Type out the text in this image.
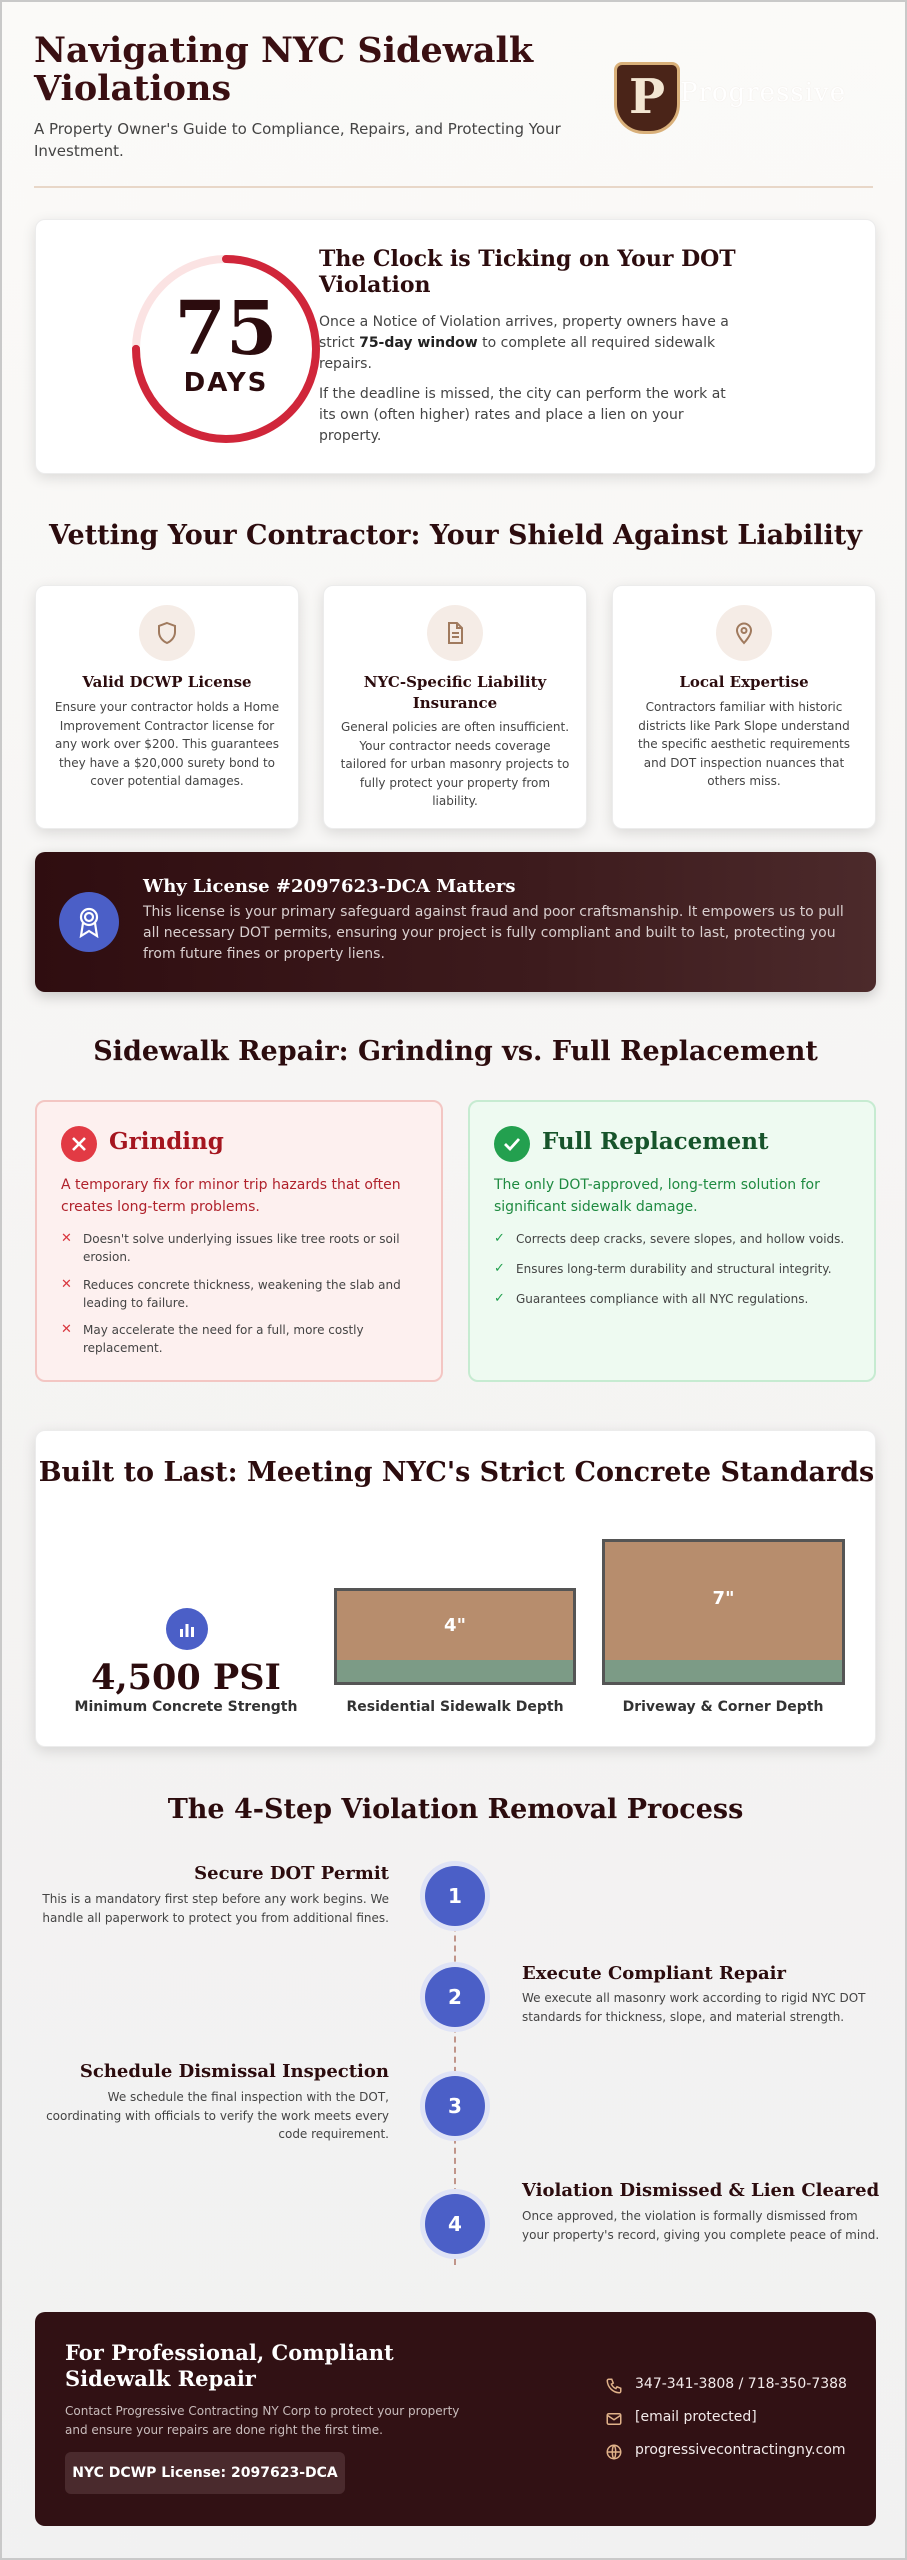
Navigating NYC Sidewalk Violations
A Property Owner's Guide to Compliance, Repairs, and Protecting Your Investment.
P Progressive
75
DAYS
The Clock is Ticking on Your DOT Violation
Once a Notice of Violation arrives, property owners have a strict 75-day window to complete all required sidewalk repairs.
If the deadline is missed, the city can perform the work at its own (often higher) rates and place a lien on your property.
Vetting Your Contractor: Your Shield Against Liability
Valid DCWP License
Ensure your contractor holds a Home Improvement Contractor license for any work over $200. This guarantees they have a $20,000 surety bond to cover potential damages.
NYC-Specific Liability Insurance
General policies are often insufficient. Your contractor needs coverage tailored for urban masonry projects to fully protect your property from liability.
Local Expertise
Contractors familiar with historic districts like Park Slope understand the specific aesthetic requirements and DOT inspection nuances that others miss.
Why License #2097623-DCA Matters
This license is your primary safeguard against fraud and poor craftsmanship. It empowers us to pull all necessary DOT permits, ensuring your project is fully compliant and built to last, protecting you from future fines or property liens.
Sidewalk Repair: Grinding vs. Full Replacement
Grinding
A temporary fix for minor trip hazards that often creates long-term problems.
✕ Doesn't solve underlying issues like tree roots or soil erosion.
✕ Reduces concrete thickness, weakening the slab and leading to failure.
✕ May accelerate the need for a full, more costly replacement.
Full Replacement
The only DOT-approved, long-term solution for significant sidewalk damage.
✓ Corrects deep cracks, severe slopes, and hollow voids.
✓ Ensures long-term durability and structural integrity.
✓ Guarantees compliance with all NYC regulations.
Built to Last: Meeting NYC's Strict Concrete Standards
4,500 PSI
Minimum Concrete Strength
4"
Residential Sidewalk Depth
7"
Driveway & Corner Depth
The 4-Step Violation Removal Process
1
Secure DOT Permit
This is a mandatory first step before any work begins. We handle all paperwork to protect you from additional fines.
2
Execute Compliant Repair
We execute all masonry work according to rigid NYC DOT standards for thickness, slope, and material strength.
3
Schedule Dismissal Inspection
We schedule the final inspection with the DOT, coordinating with officials to verify the work meets every code requirement.
4
Violation Dismissed & Lien Cleared
Once approved, the violation is formally dismissed from your property's record, giving you complete peace of mind.
For Professional, Compliant Sidewalk Repair
Contact Progressive Contracting NY Corp to protect your property and ensure your repairs are done right the first time.
NYC DCWP License: 2097623-DCA
347-341-3808 / 718-350-7388
[email protected]
progressivecontractingny.com
